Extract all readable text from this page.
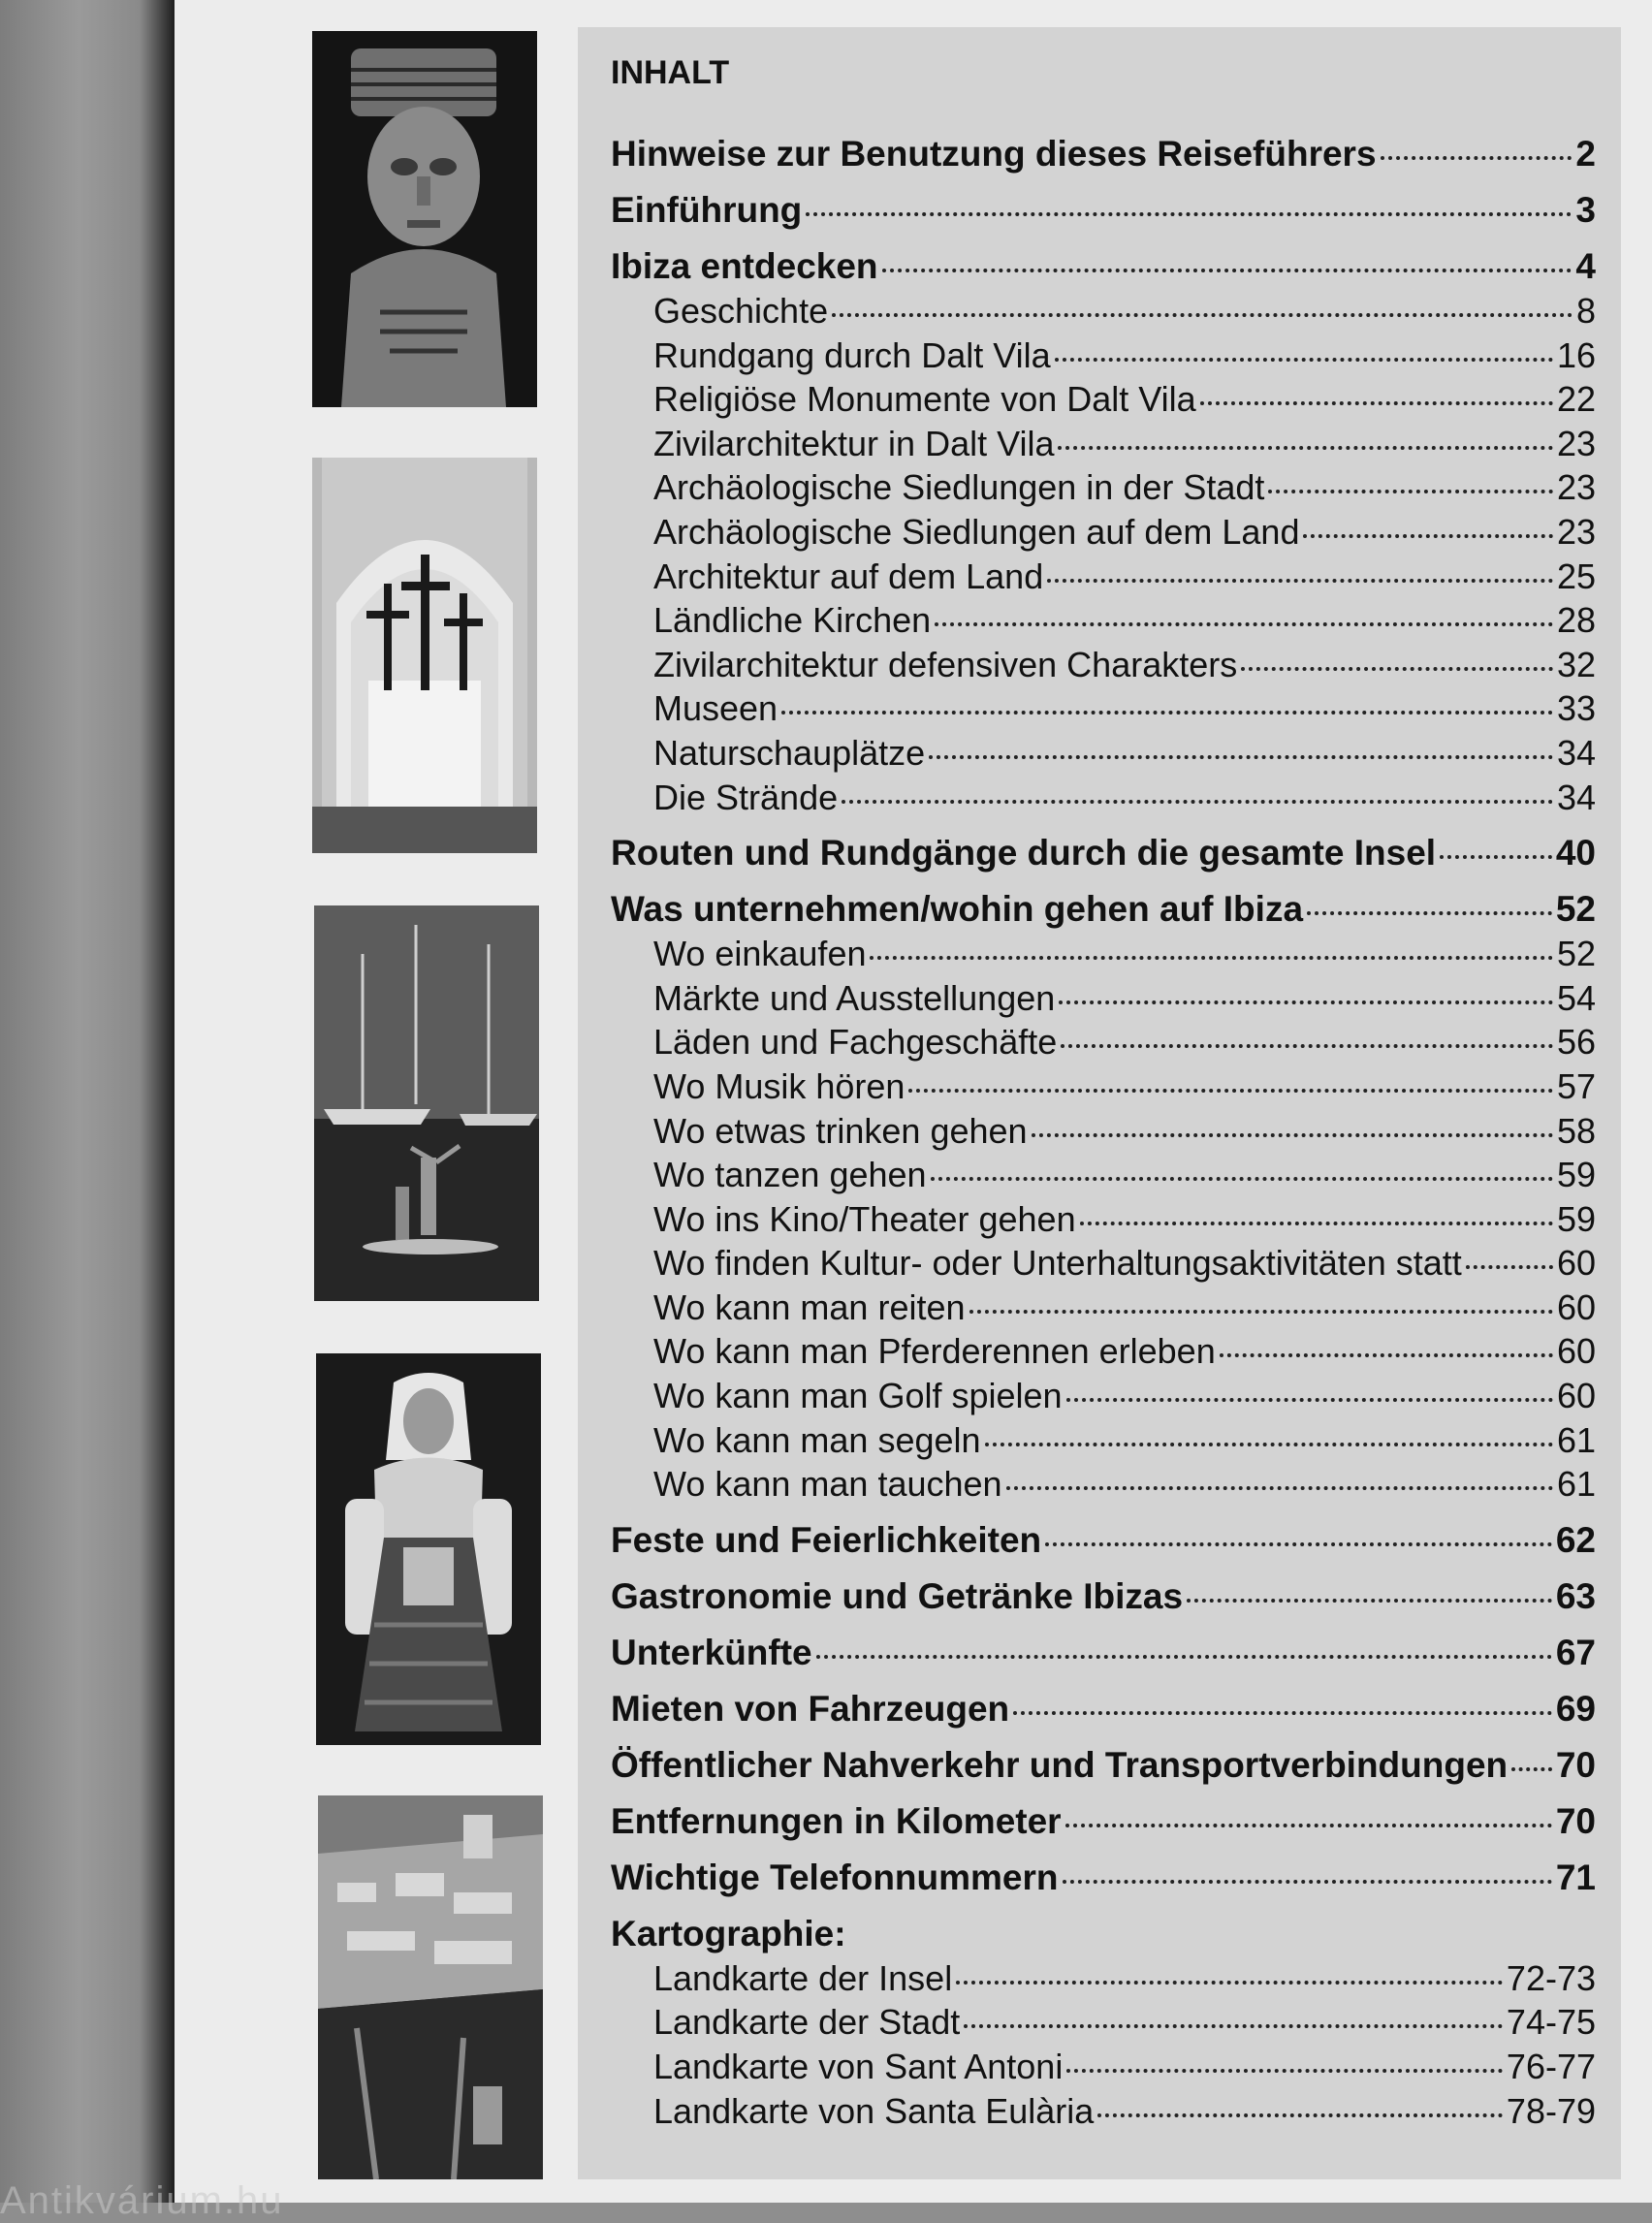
Antikvárium.hu
INHALT
Hinweise zur Benutzung dieses Reiseführers	2
Einführung	3
Ibiza entdecken	4
Geschichte	8
Rundgang durch Dalt Vila	16
Religiöse Monumente von Dalt Vila	22
Zivilarchitektur in Dalt Vila	23
Archäologische Siedlungen in der Stadt	23
Archäologische Siedlungen auf dem Land	23
Architektur auf dem Land	25
Ländliche Kirchen	28
Zivilarchitektur defensiven Charakters	32
Museen	33
Naturschauplätze	34
Die Strände	34
Routen und Rundgänge durch die gesamte Insel	40
Was unternehmen/wohin gehen auf Ibiza	52
Wo einkaufen	52
Märkte und Ausstellungen	54
Läden und Fachgeschäfte	56
Wo Musik hören	57
Wo etwas trinken gehen	58
Wo tanzen gehen	59
Wo ins Kino/Theater gehen	59
Wo finden Kultur- oder Unterhaltungsaktivitäten statt	60
Wo kann man reiten	60
Wo kann man Pferderennen erleben	60
Wo kann man Golf spielen	60
Wo kann man segeln	61
Wo kann man tauchen	61
Feste und Feierlichkeiten	62
Gastronomie und Getränke Ibizas	63
Unterkünfte	67
Mieten von Fahrzeugen	69
Öffentlicher Nahverkehr und Transportverbindungen 70
Entfernungen in Kilometer	70
Wichtige Telefonnummern	71
Kartographie:
Landkarte der Insel	72-73
Landkarte der Stadt	74-75
Landkarte von Sant Antoni	76-77
Landkarte von Santa Eulària	78-79
